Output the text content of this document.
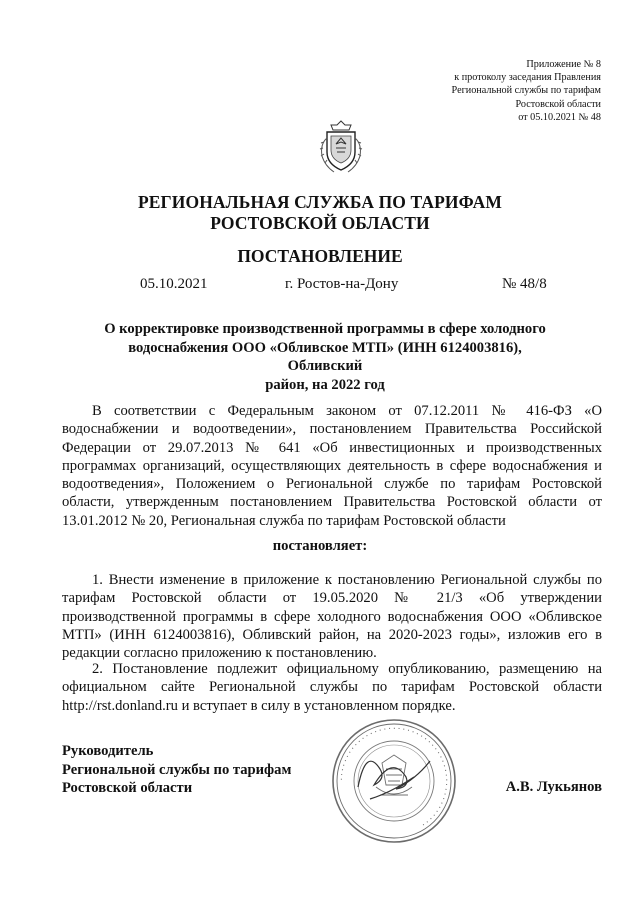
Приложение № 8
к протоколу заседания Правления
Региональной службы по тарифам
Ростовской области
от 05.10.2021 № 48
РЕГИОНАЛЬНАЯ СЛУЖБА ПО ТАРИФАМ
РОСТОВСКОЙ ОБЛАСТИ
ПОСТАНОВЛЕНИЕ
05.10.2021	г. Ростов-на-Дону	№ 48/8
О корректировке производственной программы в сфере холодного
водоснабжения ООО «Обливское МТП» (ИНН 6124003816), Обливский
район, на 2022 год

В соответствии с Федеральным законом от 07.12.2011 № 416-ФЗ «О водоснабжении и водоотведении», постановлением Правительства Российской Федерации от 29.07.2013 № 641 «Об инвестиционных и производственных программах организаций, осуществляющих деятельность в сфере водоснабжения и водоотведения», Положением о Региональной службе по тарифам Ростовской области, утвержденным постановлением Правительства Ростовской области от 13.01.2012 № 20, Региональная служба по тарифам Ростовской области

постановляет:

1. Внести изменение в приложение к постановлению Региональной службы по тарифам Ростовской области от 19.05.2020 № 21/3 «Об утверждении производственной программы в сфере холодного водоснабжения ООО «Обливское МТП» (ИНН 6124003816), Обливский район, на 2020-2023 годы», изложив его в редакции согласно приложению к постановлению.

2. Постановление подлежит официальному опубликованию, размещению на официальном сайте Региональной службы по тарифам Ростовской области http://rst.donland.ru и вступает в силу в установленном порядке.

Руководитель
Региональной службы по тарифам
Ростовской области	А.В. Лукьянов
··············································
